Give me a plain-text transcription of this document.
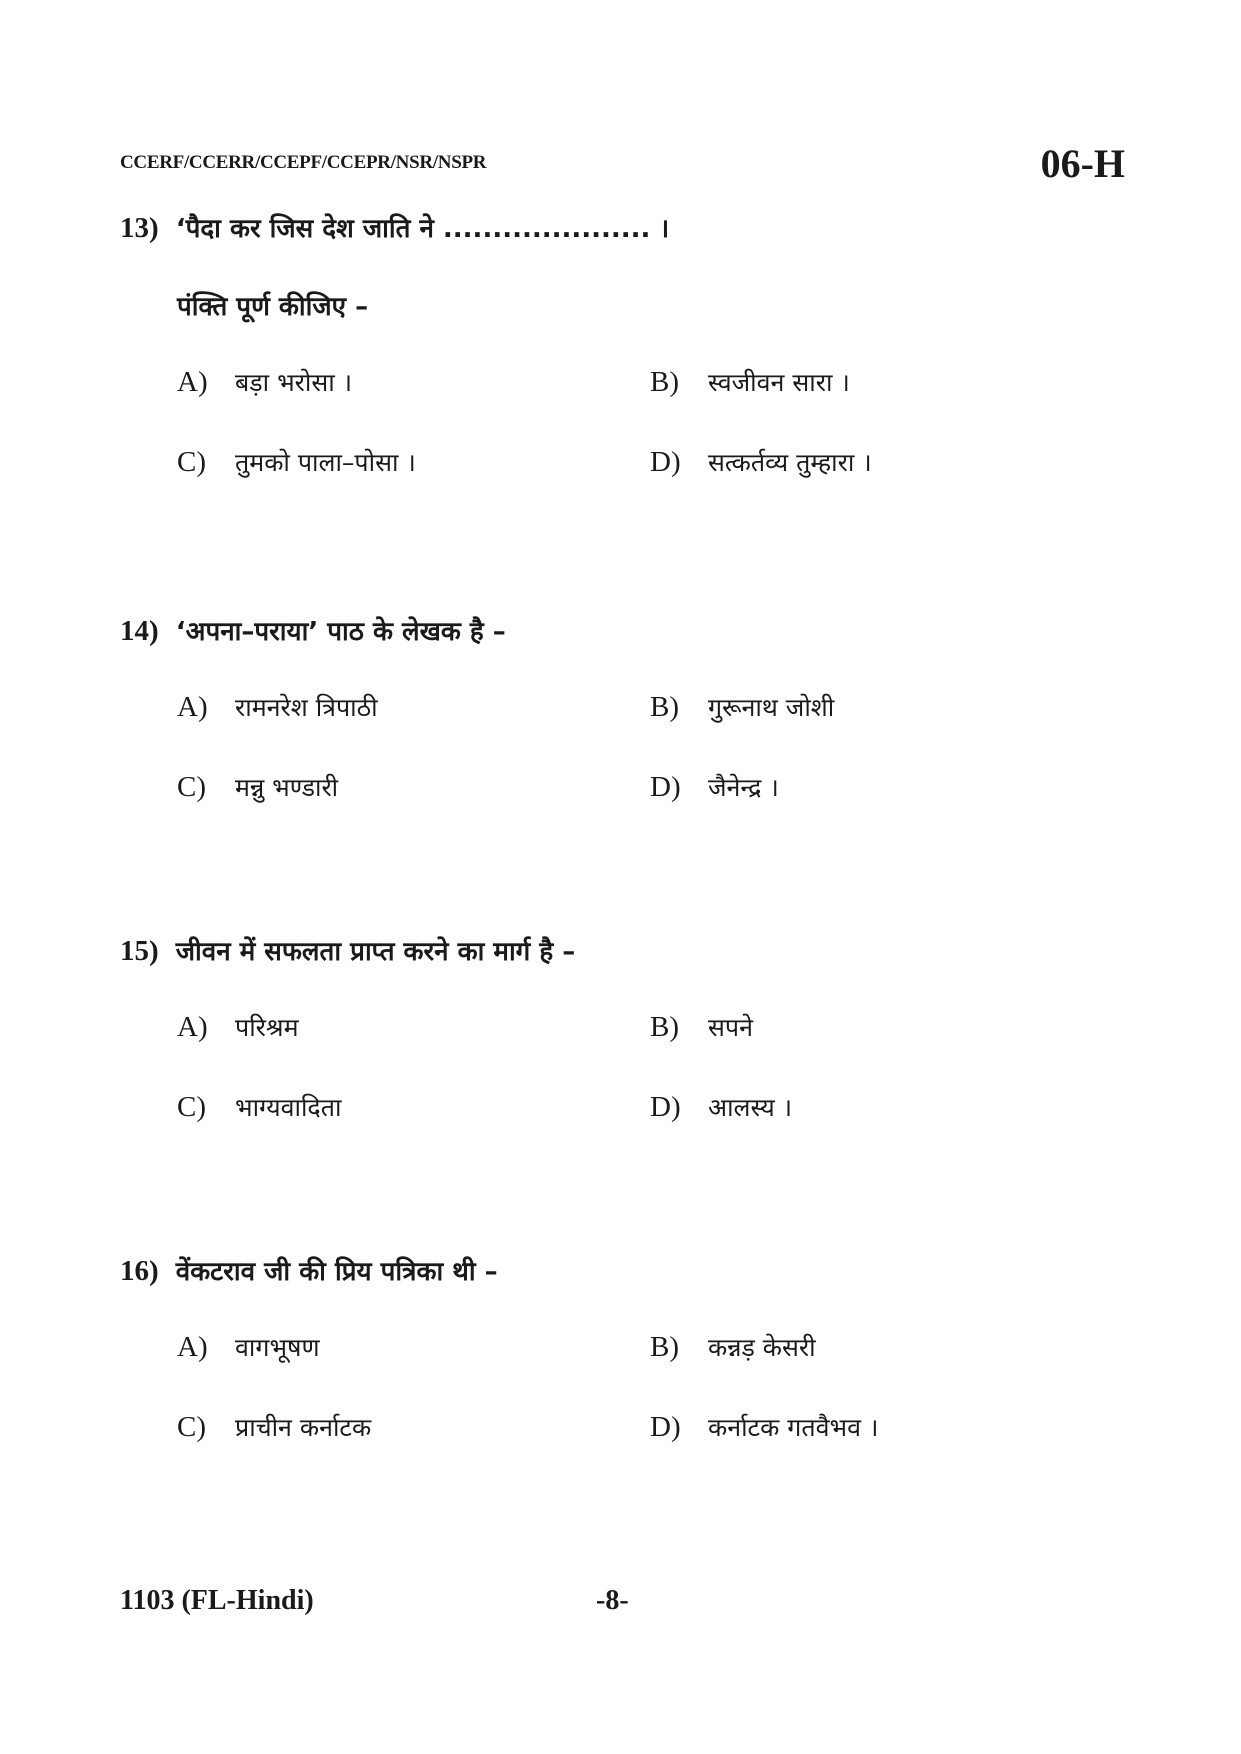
CCERF/CCERR/CCEPF/CCEPR/NSR/NSPR	06-H
13) ‘पैदा कर जिस देश जाति ने ..................... ।
पंक्ति पूर्ण कीजिए –
A) बड़ा भरोसा ।	B) स्वजीवन सारा ।
C) तुमको पाला–पोसा ।	D) सत्कर्तव्य तुम्हारा ।
14) ‘अपना–पराया’ पाठ के लेखक है –
A) रामनरेश त्रिपाठी	B) गुरूनाथ जोशी
C) मन्नु भण्डारी	D) जैनेन्द्र ।
15) जीवन में सफलता प्राप्त करने का मार्ग है –
A) परिश्रम	B) सपने
C) भाग्यवादिता	D) आलस्य ।
16) वेंकटराव जी की प्रिय पत्रिका थी –
A) वागभूषण	B) कन्नड़ केसरी
C) प्राचीन कर्नाटक	D) कर्नाटक गतवैभव ।
1103 (FL-Hindi)	-8-
